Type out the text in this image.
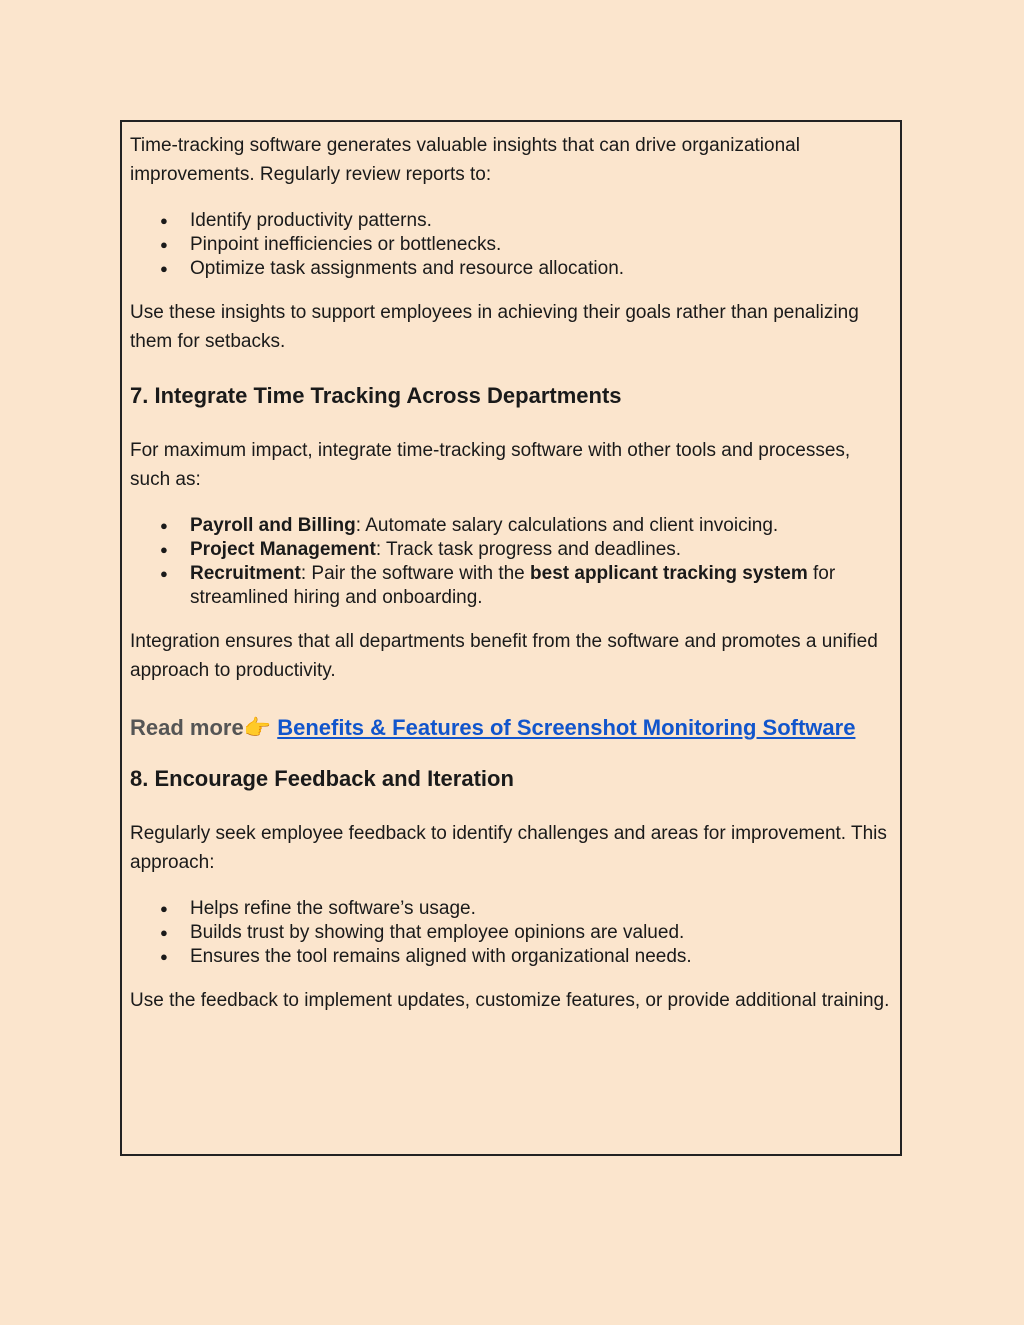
Time-tracking software generates valuable insights that can drive organizational improvements. Regularly review reports to:

● Identify productivity patterns.
● Pinpoint inefficiencies or bottlenecks.
● Optimize task assignments and resource allocation.

Use these insights to support employees in achieving their goals rather than penalizing them for setbacks.

7. Integrate Time Tracking Across Departments

For maximum impact, integrate time-tracking software with other tools and processes, such as:

● Payroll and Billing: Automate salary calculations and client invoicing.
● Project Management: Track task progress and deadlines.
● Recruitment: Pair the software with the best applicant tracking system for streamlined hiring and onboarding.

Integration ensures that all departments benefit from the software and promotes a unified approach to productivity.

Read more👉 Benefits & Features of Screenshot Monitoring Software
8. Encourage Feedback and Iteration

Regularly seek employee feedback to identify challenges and areas for improvement. This approach:

● Helps refine the software’s usage.
● Builds trust by showing that employee opinions are valued.
● Ensures the tool remains aligned with organizational needs.

Use the feedback to implement updates, customize features, or provide additional training.
